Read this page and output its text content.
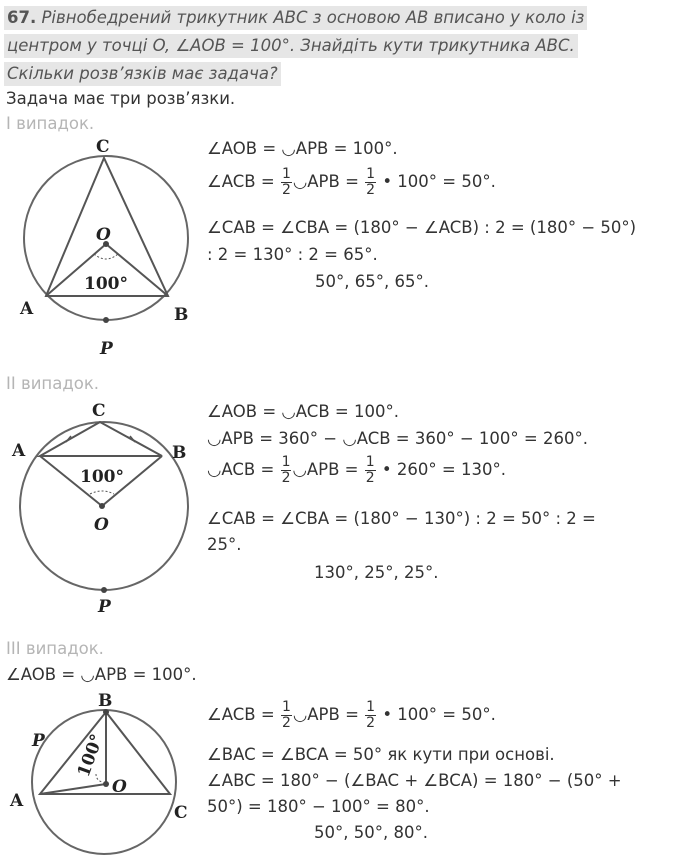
67. Рівнобедрений трикутник ABC з основою AB вписано у коло із
центром у точці O, ∠AOB = 100°. Знайдіть кути трикутника ABC.
Скільки розв’язків має задача?
Задача має три розв’язки.
І випадок.
C
O
100°
A	B
P
∠AOB = ◡APB = 100°.
∠ACB = $\frac{1}{2}$ ◡APB = $\frac{1}{2}$ • 100° = 50°.
∠CAB = ∠CBA = (180° − ∠ACB) : 2 = (180° − 50°)
: 2 = 130° : 2 = 65°.
50°, 65°, 65°.
ІІ випадок.
C
A	B
100°
O
P
∠AOB = ◡ACB = 100°.
◡APB = 360° − ◡ACB = 360° − 100° = 260°.
◡ACB = $\frac{1}{2}$ ◡APB = $\frac{1}{2}$ • 260° = 130°.
∠CAB = ∠CBA = (180° − 130°) : 2 = 50° : 2 =
25°.
130°, 25°, 25°.
ІІІ випадок.
∠AOB = ◡APB = 100°.
B
P 100°
O
A
C
∠ACB = $\frac{1}{2}$ ◡APB = $\frac{1}{2}$ • 100° = 50°.
∠BAC = ∠BCA = 50° як кути при основі.
∠ABC = 180° − (∠BAC + ∠BCA) = 180° − (50° +
50°) = 180° − 100° = 80°.
50°, 50°, 80°.
